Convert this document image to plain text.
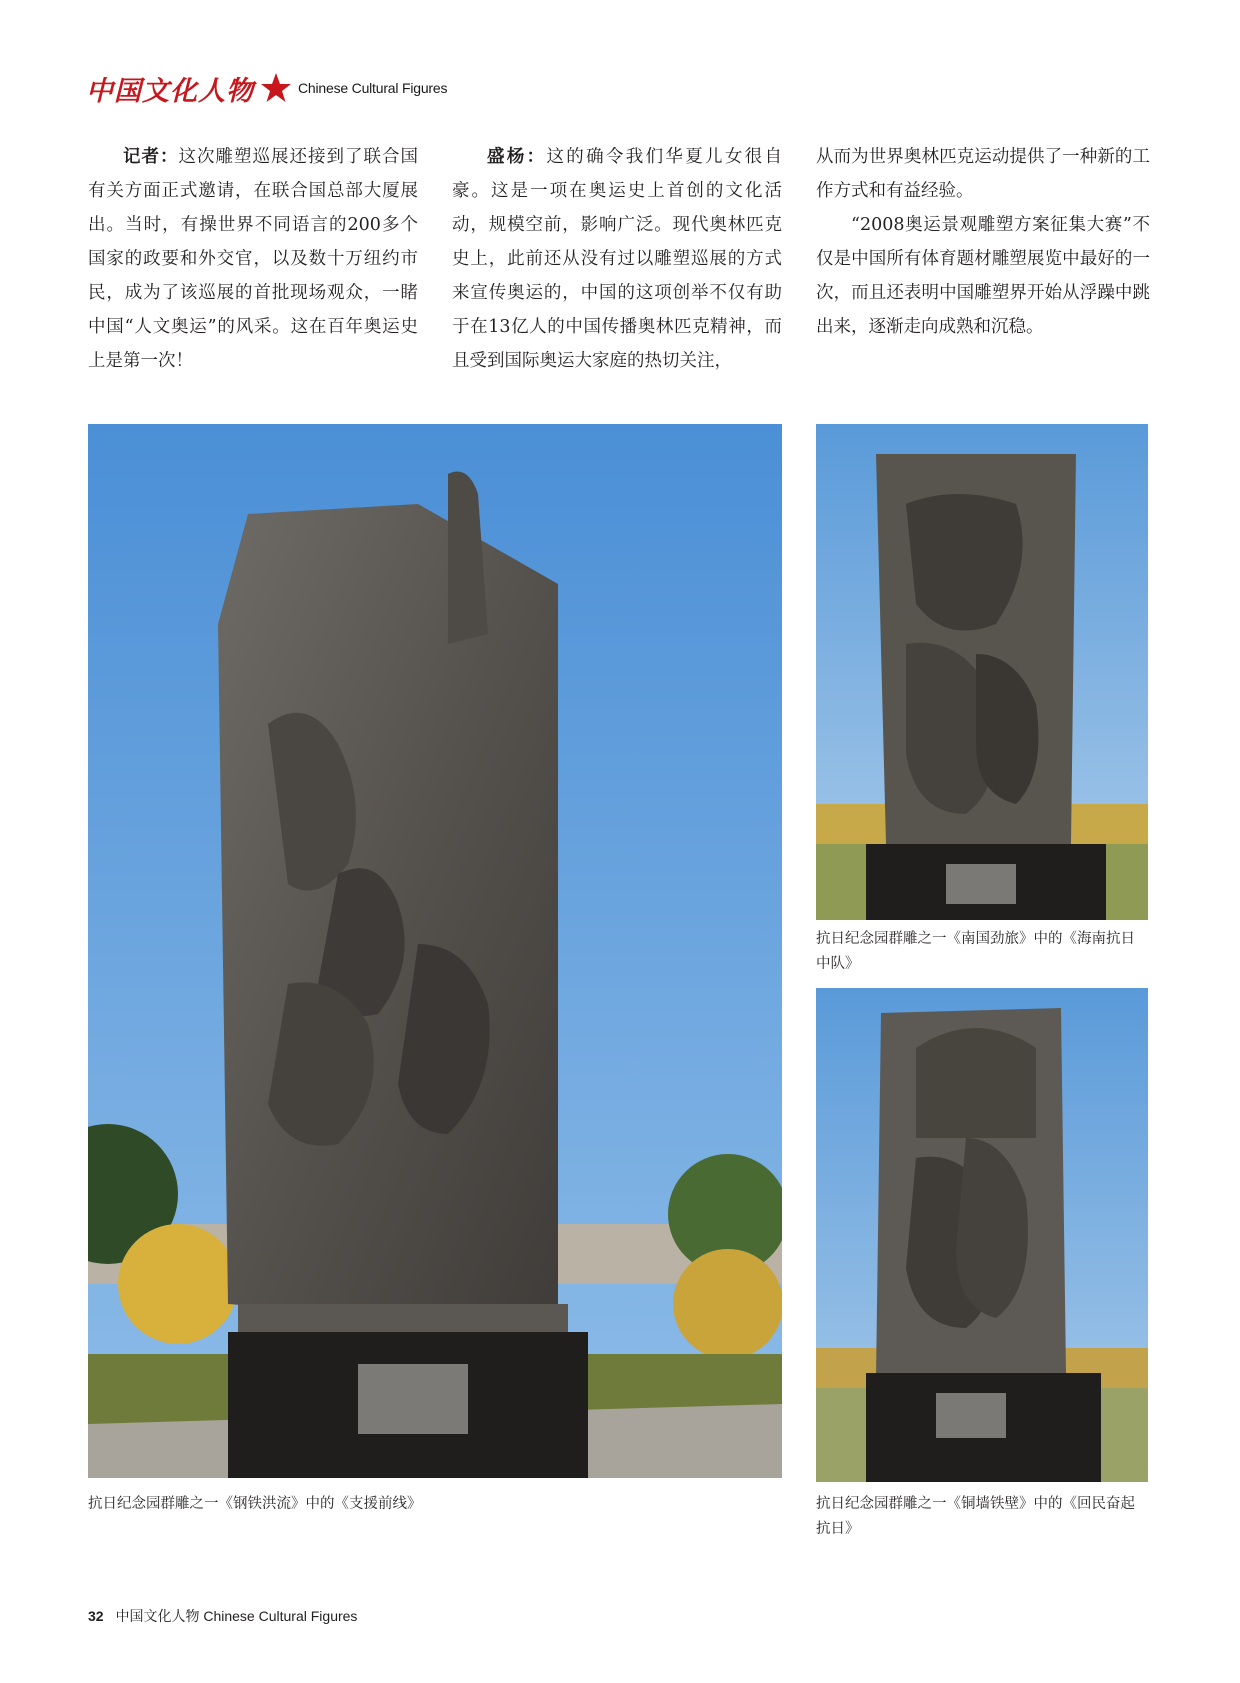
中国文化人物	Chinese Cultural Figures

记者：这次雕塑巡展还接到了联合国有关方面正式邀请，在联合国总部大厦展出。当时，有操世界不同语言的200多个国家的政要和外交官，以及数十万纽约市民，成为了该巡展的首批现场观众，一睹中国“人文奥运”的风采。这在百年奥运史上是第一次！

盛杨：这的确令我们华夏儿女很自豪。这是一项在奥运史上首创的文化活动，规模空前，影响广泛。现代奥林匹克史上，此前还从没有过以雕塑巡展的方式来宣传奥运的，中国的这项创举不仅有助于在13亿人的中国传播奥林匹克精神，而且受到国际奥运大家庭的热切关注，

从而为世界奥林匹克运动提供了一种新的工作方式和有益经验。

“2008奥运景观雕塑方案征集大赛”不仅是中国所有体育题材雕塑展览中最好的一次，而且还表明中国雕塑界开始从浮躁中跳出来，逐渐走向成熟和沉稳。

抗日纪念园群雕之一《南国劲旅》中的《海南抗日中队》
抗日纪念园群雕之一《钢铁洪流》中的《支援前线》	抗日纪念园群雕之一《铜墙铁壁》中的《回民奋起抗日》
32 中国文化人物 Chinese Cultural Figures
